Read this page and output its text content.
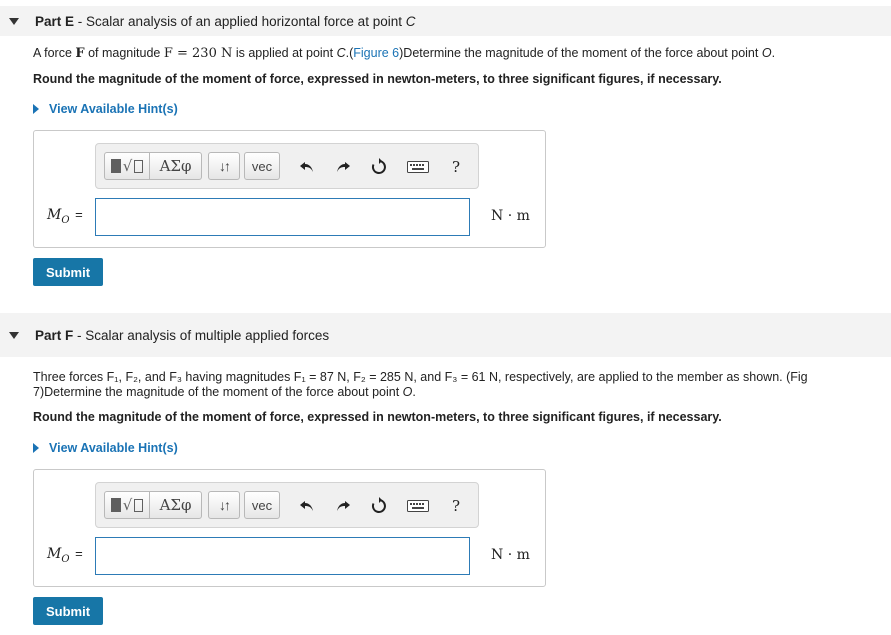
Part E - Scalar analysis of an applied horizontal force at point C
A force F of magnitude F = 230 N is applied at point C.(Figure 6)Determine the magnitude of the moment of the force about point O.
Round the magnitude of the moment of force, expressed in newton-meters, to three significant figures, if necessary.
View Available Hint(s)
√	ΑΣφ	↓↑	vec	?
$M_O$ =	N · m
Submit
Part F - Scalar analysis of multiple applied forces
Three forces F₁, F₂, and F₃ having magnitudes F₁ = 87 N, F₂ = 285 N, and F₃ = 61 N, respectively, are applied to the member as shown. (Fig
7)Determine the magnitude of the moment of the force about point O.
Round the magnitude of the moment of force, expressed in newton-meters, to three significant figures, if necessary.
View Available Hint(s)
√	ΑΣφ	↓↑	vec	?
$M_O$ =	N · m
Submit
